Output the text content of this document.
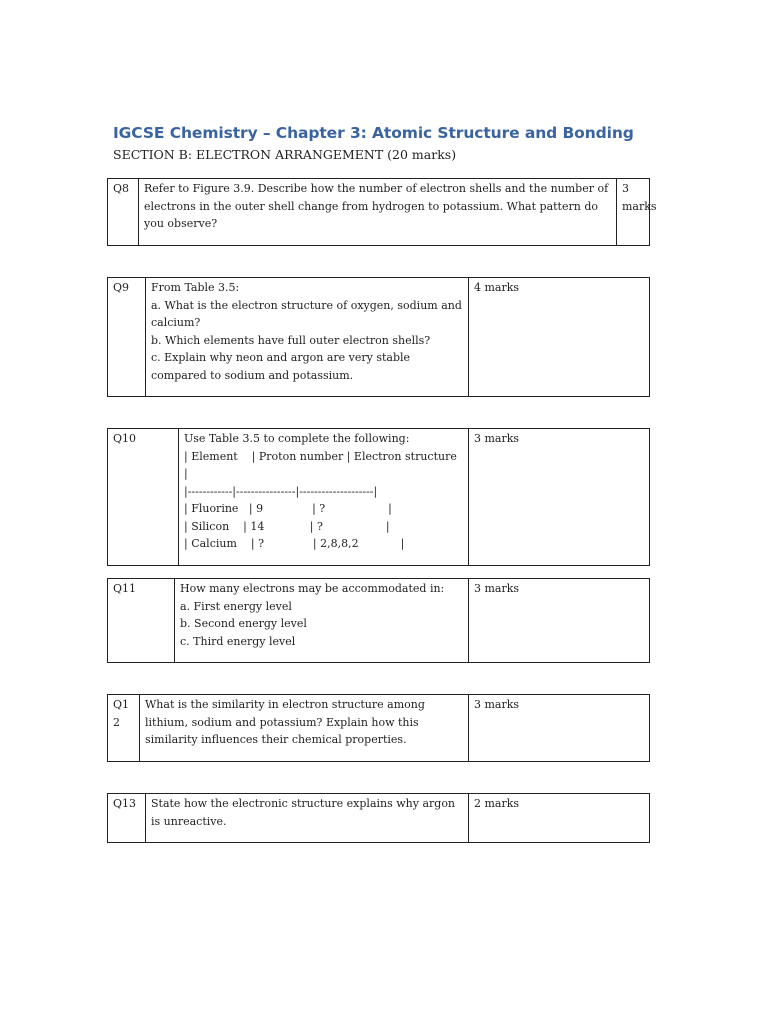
IGCSE Chemistry – Chapter 3: Atomic Structure and Bonding
SECTION B: ELECTRON ARRANGEMENT (20 marks)
Q8	Refer to Figure 3.9. Describe how the number of electron shells and the number of electrons in the outer shell change from hydrogen to potassium. What pattern do you observe?	3 marks
Q9	From Table 3.5:
a. What is the electron structure of oxygen, sodium and calcium?
b. Which elements have full outer electron shells?
c. Explain why neon and argon are very stable compared to sodium and potassium.	4 marks
Q10	Use Table 3.5 to complete the following:
| Element    | Proton number | Electron structure |
|------------|----------------|--------------------|
| Fluorine   | 9              | ?                  |
| Silicon    | 14             | ?                  |
| Calcium    | ?              | 2,8,8,2            |	3 marks
Q11	How many electrons may be accommodated in:
a. First energy level
b. Second energy level
c. Third energy level	3 marks
Q12	What is the similarity in electron structure among lithium, sodium and potassium? Explain how this similarity influences their chemical properties.	3 marks
Q13	State how the electronic structure explains why argon is unreactive.	2 marks
